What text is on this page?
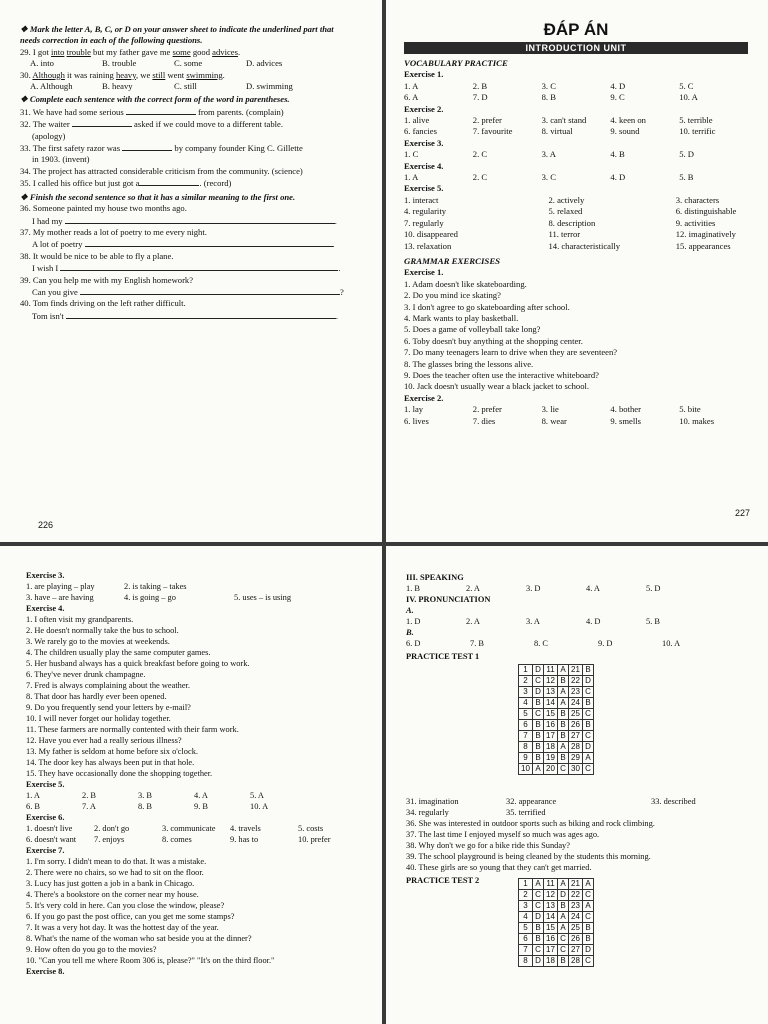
❖ Mark the letter A, B, C, or D on your answer sheet to indicate the underlined part that needs correction in each of the following questions.
29. I got into trouble but my father gave me some good advices.
A. into	B. trouble	C. some	D. advices
30. Although it was raining heavy, we still went swimming.
A. Although	B. heavy	C. still	D. swimming
❖ Complete each sentence with the correct form of the word in parentheses.
31. We have had some serious	from parents. (complain)
32. The waiter	asked if we could move to a different table.
(apology)
33. The first safety razor was	by company founder King C. Gillette
in 1903. (invent)
34. The project has attracted considerable criticism from the community. (science)
35. I called his office but just got a	. (record)
❖ Finish the second sentence so that it has a similar meaning to the first one.
36. Someone painted my house two months ago.
I had my	.
37. My mother reads a lot of poetry to me every night.
A lot of poetry	.
38. It would be nice to be able to fly a plane.
I wish I	.
39. Can you help me with my English homework?
Can you give	?
40. Tom finds driving on the left rather difficult.
Tom isn't	.
226
ĐÁP ÁN
INTRODUCTION UNIT
VOCABULARY PRACTICE
Exercise 1.
1. A	2. B	3. C	4. D	5. C
6. A	7. D	8. B	9. C	10. A
Exercise 2.
1. alive	2. prefer	3. can't stand	4. keen on	5. terrible
6. fancies	7. favourite	8. virtual	9. sound	10. terrific
Exercise 3.
1. C	2. C	3. A	4. B	5. D
Exercise 4.
1. A	2. C	3. C	4. D	5. B
Exercise 5.
1. interact	2. actively	3. characters
4. regularity	5. relaxed	6. distinguishable
7. regularly	8. description	9. activities
10. disappeared	11. terror	12. imaginatively
13. relaxation	14. characteristically	15. appearances
GRAMMAR EXERCISES
Exercise 1.
1. Adam doesn't like skateboarding.
2. Do you mind ice skating?
3. I don't agree to go skateboarding after school.
4. Mark wants to play basketball.
5. Does a game of volleyball take long?
6. Toby doesn't buy anything at the shopping center.
7. Do many teenagers learn to drive when they are seventeen?
8. The glasses bring the lessons alive.
9. Does the teacher often use the interactive whiteboard?
10. Jack doesn't usually wear a black jacket to school.
Exercise 2.
1. lay	2. prefer	3. lie	4. bother	5. bite
6. lives	7. dies	8. wear	9. smells	10. makes
227
Exercise 3.
1. are playing – play	2. is taking – takes
3. have – are having	4. is going – go	5. uses – is using
Exercise 4.
1. I often visit my grandparents.
2. He doesn't normally take the bus to school.
3. We rarely go to the movies at weekends.
4. The children usually play the same computer games.
5. Her husband always has a quick breakfast before going to work.
6. They've never drunk champagne.
7. Fred is always complaining about the weather.
8. That door has hardly ever been opened.
9. Do you frequently send your letters by e-mail?
10. I will never forget our holiday together.
11. These farmers are normally contented with their farm work.
12. Have you ever had a really serious illness?
13. My father is seldom at home before six o'clock.
14. The door key has always been put in that hole.
15. They have occasionally done the shopping together.
Exercise 5.
1. A	2. B	3. B	4. A	5. A
6. B	7. A	8. B	9. B	10. A
Exercise 6.
1. doesn't live	2. don't go	3. communicate	4. travels	5. costs
6. doesn't want	7. enjoys	8. comes	9. has to	10. prefer
Exercise 7.
1. I'm sorry. I didn't mean to do that. It was a mistake.
2. There were no chairs, so we had to sit on the floor.
3. Lucy has just gotten a job in a bank in Chicago.
4. There's a bookstore on the corner near my house.
5. It's very cold in here. Can you close the window, please?
6. If you go past the post office, can you get me some stamps?
7. It was a very hot day. It was the hottest day of the year.
8. What's the name of the woman who sat beside you at the dinner?
9. How often do you go to the movies?
10. "Can you tell me where Room 306 is, please?" "It's on the third floor."
Exercise 8.
III. SPEAKING
1. B	2. A	3. D	4. A	5. D
IV. PRONUNCIATION
A.
1. D	2. A	3. A	4. D	5. B
B.
6. D	7. B	8. C	9. D	10. A
PRACTICE TEST 1
1	D	11	A	21	B
2	C	12	B	22	D
3	D	13	A	23	C
4	B	14	A	24	B
5	C	15	B	25	C
6	B	16	B	26	B
7	B	17	B	27	C
8	B	18	A	28	D
9	B	19	B	29	A
10	A	20	C	30	C
31. imagination	32. appearance	33. described
34. regularly	35. terrified
36. She was interested in outdoor sports such as biking and rock climbing.
37. The last time I enjoyed myself so much was ages ago.
38. Why don't we go for a bike ride this Sunday?
39. The school playground is being cleaned by the students this morning.
40. These girls are so young that they can't get married.
PRACTICE TEST 2	1	A	11	A	21	A
2	C	12	D	22	C
3	C	13	B	23	A
4	D	14	A	24	C
5	B	15	A	25	B
6	B	16	C	26	B
7	C	17	C	27	D
8	D	18	B	28	C
